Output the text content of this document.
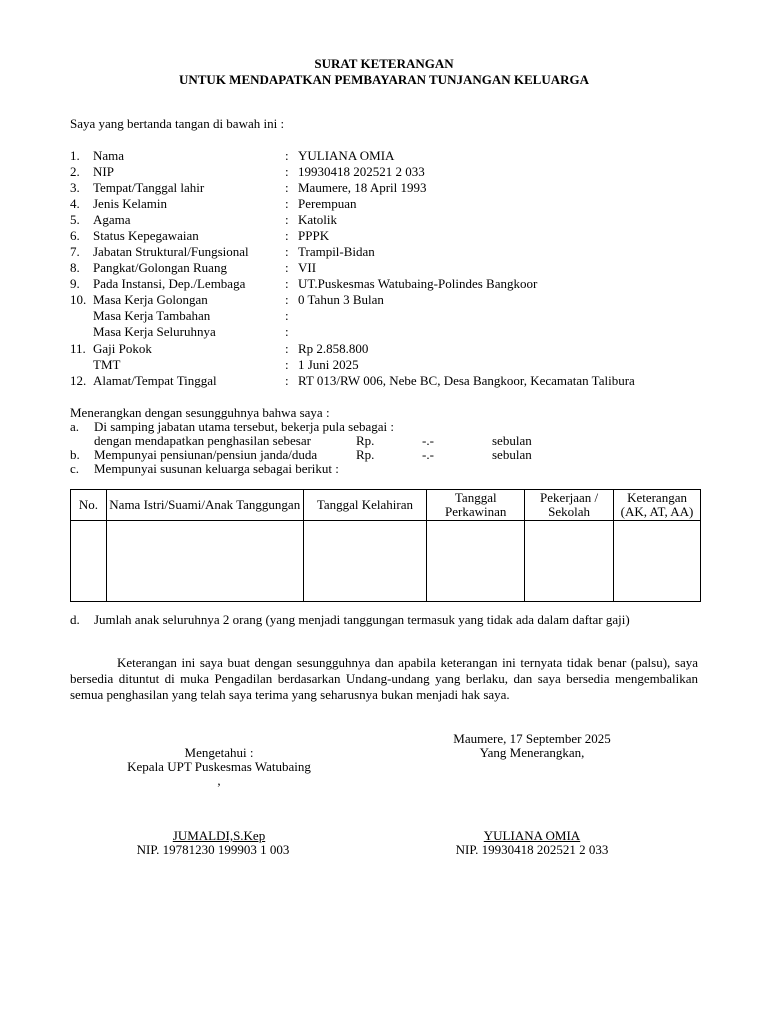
SURAT KETERANGAN
UNTUK MENDAPATKAN PEMBAYARAN TUNJANGAN KELUARGA
Saya yang bertanda tangan di bawah ini :
1. Nama	: YULIANA OMIA
2. NIP	: 19930418 202521 2 033
3. Tempat/Tanggal lahir	: Maumere, 18 April 1993
4. Jenis Kelamin	: Perempuan
5. Agama	: Katolik
6. Status Kepegawaian	: PPPK
7. Jabatan Struktural/Fungsional	: Trampil-Bidan
8. Pangkat/Golongan Ruang	: VII
9. Pada Instansi, Dep./Lembaga	: UT.Puskesmas Watubaing-Polindes Bangkoor
10. Masa Kerja Golongan	: 0 Tahun 3 Bulan
Masa Kerja Tambahan	:
Masa Kerja Seluruhnya	:
11. Gaji Pokok	: Rp 2.858.800
TMT	: 1 Juni 2025
12. Alamat/Tempat Tinggal	: RT 013/RW 006, Nebe BC, Desa Bangkoor, Kecamatan Talibura
Menerangkan dengan sesungguhnya bahwa saya :
a. Di samping jabatan utama tersebut, bekerja pula sebagai :
dengan mendapatkan penghasilan sebesar	Rp.	-.-	sebulan
b. Mempunyai pensiunan/pensiun janda/duda	Rp.	-.-	sebulan
c. Mempunyai susunan keluarga sebagai berikut :
No.	Nama Istri/Suami/Anak Tanggungan	Tanggal Kelahiran	Tanggal Perkawinan	Pekerjaan / Sekolah	Keterangan (AK, AT, AA)

d. Jumlah anak seluruhnya 2 orang (yang menjadi tanggungan termasuk yang tidak ada dalam daftar gaji)
Keterangan ini saya buat dengan sesungguhnya dan apabila keterangan ini ternyata tidak benar (palsu), saya bersedia dituntut di muka Pengadilan berdasarkan Undang-undang yang berlaku, dan saya bersedia mengembalikan semua penghasilan yang telah saya terima yang seharusnya bukan menjadi hak saya.
Maumere, 17 September 2025
Yang Menerangkan,
Mengetahui :
Kepala UPT Puskesmas Watubaing
,
JUMALDI,S.Kep
NIP. 19781230 199903 1 003
YULIANA OMIA
NIP. 19930418 202521 2 033
